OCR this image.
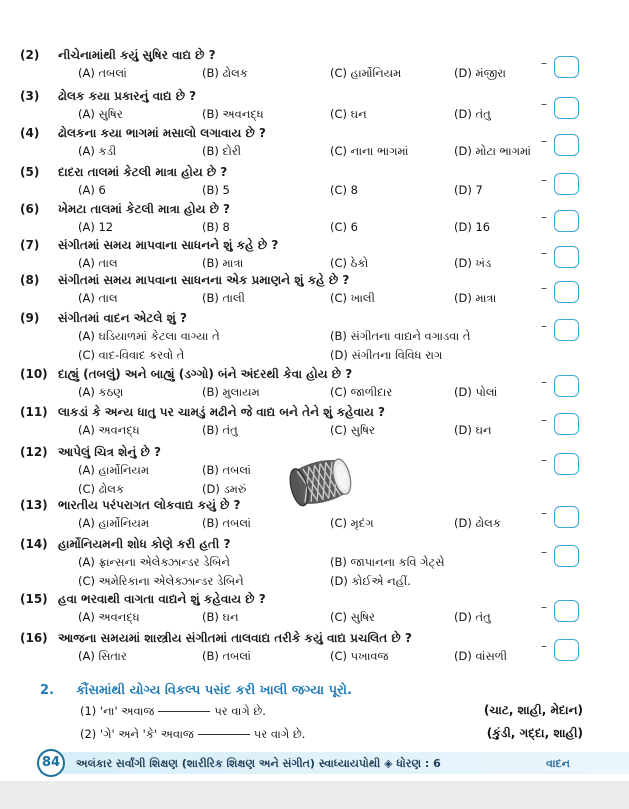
(2) નીચેનામાંથી કયું સુષિર વાદ્ય છે ?
(A) તબલાં	(B) ઢોલક	(C) હાર્મોનિયમ	(D) મંજીરા
–
(3) ઢોલક કયા પ્રકારનું વાદ્ય છે ?
(A) સુષિર	(B) અવનદ્ધ	(C) ઘન	(D) તંતુ
–
(4) ઢોલકના કયા ભાગમાં મસાલો લગાવાય છે ?
(A) કડી	(B) દોરી	(C) નાના ભાગમાં	(D) મોટા ભાગમાં
–
(5) દાદરા તાલમાં કેટલી માત્રા હોય છે ?
(A) 6	(B) 5	(C) 8	(D) 7
–
(6) ખેમટા તાલમાં કેટલી માત્રા હોય છે ?
(A) 12	(B) 8	(C) 6	(D) 16
–
(7) સંગીતમાં સમય માપવાના સાધનને શું કહે છે ?
(A) તાલ	(B) માત્રા	(C) ઠેકો	(D) ખંડ
–
(8) સંગીતમાં સમય માપવાના સાધનના એક પ્રમાણને શું કહે છે ?
(A) તાલ	(B) તાલી	(C) ખાલી	(D) માત્રા
–
(9) સંગીતમાં વાદન એટલે શું ?
(A) ઘડિયાળમાં કેટલા વાગ્યા તે	(B) સંગીતના વાદ્યને વગાડવા તે
(C) વાદ-વિવાદ કરવો તે	(D) સંગીતના વિવિધ રાગ
–
(10) દાહ્યું (તબલું) અને બાહ્યું (ડગ્ગો) બંને અંદરથી કેવા હોય છે ?
(A) કઠણ	(B) મુલાયમ	(C) જાળીદાર	(D) પોલાં
–
(11) લાકડાં કે અન્ય ધાતુ પર ચામડું મઢીને જે વાદ્ય બને તેને શું કહેવાય ?
(A) અવનદ્ધ	(B) તંતુ	(C) સુષિર	(D) ઘન
–
(12) આપેલું ચિત્ર શેનું છે ?
(A) હાર્મોનિયમ	(B) તબલાં
(C) ઢોલક	(D) ડમરું
–
(13) ભારતીય પરંપરાગત લોકવાદ્ય કયું છે ?
(A) હાર્મોનિયમ	(B) તબલાં	(C) મૃદંગ	(D) ઢોલક
–
(14) હાર્મોનિયમની શોધ કોણે કરી હતી ?
(A) ફ્રાન્સના એલેક્ઝાન્ડર ડેબિને	(B) જાપાનના કવિ ગેટ્સે
(C) અમેરિકાના એલેક્ઝાન્ડર ડેબિને	(D) કોઈએ નહીં.
–
(15) હવા ભરવાથી વાગતા વાદ્યને શું કહેવાય છે ?
(A) અવનદ્ધ	(B) ઘન	(C) સુષિર	(D) તંતુ
–
(16) આજના સમયમાં શાસ્ત્રીય સંગીતમાં તાલવાદ્ય તરીકે કયું વાદ્ય પ્રચલિત છે ?
(A) સિતાર	(B) તબલાં	(C) પખાવજ	(D) વાંસળી
–
2. કૌંસમાંથી યોગ્ય વિકલ્પ પસંદ કરી ખાલી જગ્યા પૂરો.
(1) 'ના' અવાજ	પર વાગે છે.	(ચાટ, શાહી, મેદાન)
(2) 'ગે' અને 'કે' અવાજ	પર વાગે છે.	(કુંડી, ગદ્દા, શાહી)
84	અલંકાર સર્વાંગી શિક્ષણ (શારીરિક શિક્ષણ અને સંગીત) સ્વાધ્યાયપોથી ◈ ધોરણ : 6	વાદન
